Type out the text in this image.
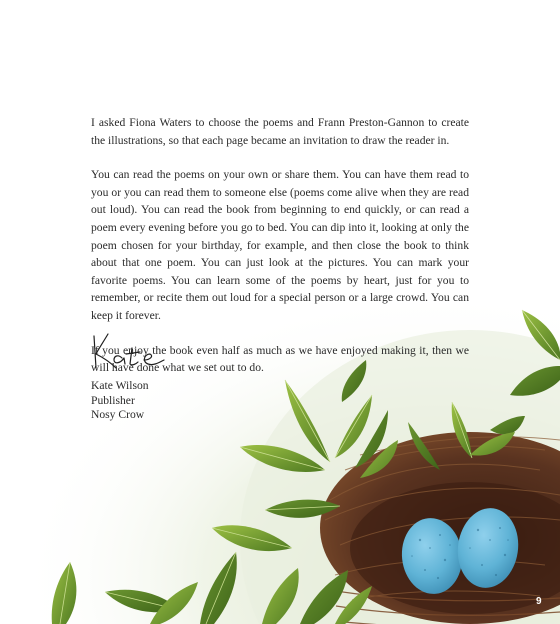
I asked Fiona Waters to choose the poems and Frann Preston-Gannon to create the illustrations, so that each page became an invitation to draw the reader in.

You can read the poems on your own or share them. You can have them read to you or you can read them to someone else (poems come alive when they are read out loud). You can read the book from beginning to end quickly, or can read a poem every evening before you go to bed. You can dip into it, looking at only the poem chosen for your birthday, for example, and then close the book to think about that one poem. You can just look at the pictures. You can mark your favorite poems. You can learn some of the poems by heart, just for you to remember, or recite them out loud for a special person or a large crowd. You can keep it forever.

If you enjoy the book even half as much as we have enjoyed making it, then we will have done what we set out to do.

Kate Wilson
Publisher
Nosy Crow
9
